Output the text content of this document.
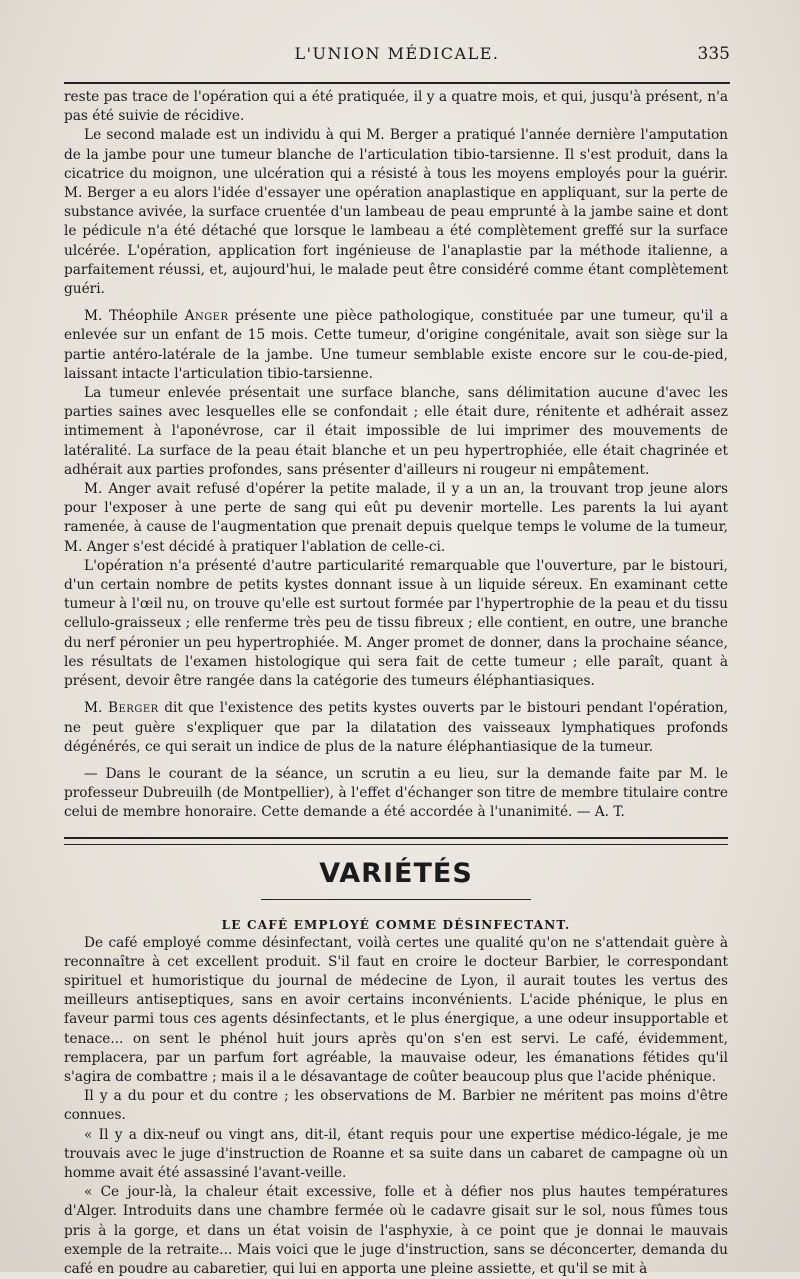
L'UNION MÉDICALE.	335

reste pas trace de l'opération qui a été pratiquée, il y a quatre mois, et qui, jusqu'à présent, n'a pas été suivie de récidive.

Le second malade est un individu à qui M. Berger a pratiqué l'année dernière l'amputation de la jambe pour une tumeur blanche de l'articulation tibio-tarsienne. Il s'est produit, dans la cicatrice du moignon, une ulcération qui a résisté à tous les moyens employés pour la guérir. M. Berger a eu alors l'idée d'essayer une opération anaplastique en appliquant, sur la perte de substance avivée, la surface cruentée d'un lambeau de peau emprunté à la jambe saine et dont le pédicule n'a été détaché que lorsque le lambeau a été complètement greffé sur la surface ulcérée. L'opération, application fort ingénieuse de l'anaplastie par la méthode italienne, a parfaitement réussi, et, aujourd'hui, le malade peut être considéré comme étant complètement guéri.

M. Théophile Anger présente une pièce pathologique, constituée par une tumeur, qu'il a enlevée sur un enfant de 15 mois. Cette tumeur, d'origine congénitale, avait son siège sur la partie antéro-latérale de la jambe. Une tumeur semblable existe encore sur le cou-de-pied, laissant intacte l'articulation tibio-tarsienne.

La tumeur enlevée présentait une surface blanche, sans délimitation aucune d'avec les parties saines avec lesquelles elle se confondait ; elle était dure, rénitente et adhérait assez intimement à l'aponévrose, car il était impossible de lui imprimer des mouvements de latéralité. La surface de la peau était blanche et un peu hypertrophiée, elle était chagrinée et adhérait aux parties profondes, sans présenter d'ailleurs ni rougeur ni empâtement.

M. Anger avait refusé d'opérer la petite malade, il y a un an, la trouvant trop jeune alors pour l'exposer à une perte de sang qui eût pu devenir mortelle. Les parents la lui ayant ramenée, à cause de l'augmentation que prenait depuis quelque temps le volume de la tumeur, M. Anger s'est décidé à pratiquer l'ablation de celle-ci.

L'opération n'a présenté d'autre particularité remarquable que l'ouverture, par le bistouri, d'un certain nombre de petits kystes donnant issue à un liquide séreux. En examinant cette tumeur à l'œil nu, on trouve qu'elle est surtout formée par l'hypertrophie de la peau et du tissu cellulo-graisseux ; elle renferme très peu de tissu fibreux ; elle contient, en outre, une branche du nerf péronier un peu hypertrophiée. M. Anger promet de donner, dans la prochaine séance, les résultats de l'examen histologique qui sera fait de cette tumeur ; elle paraît, quant à présent, devoir être rangée dans la catégorie des tumeurs éléphantiasiques.

M. Berger dit que l'existence des petits kystes ouverts par le bistouri pendant l'opération, ne peut guère s'expliquer que par la dilatation des vaisseaux lymphatiques profonds dégénérés, ce qui serait un indice de plus de la nature éléphantiasique de la tumeur.

— Dans le courant de la séance, un scrutin a eu lieu, sur la demande faite par M. le professeur Dubreuilh (de Montpellier), à l'effet d'échanger son titre de membre titulaire contre celui de membre honoraire. Cette demande a été accordée à l'unanimité. — A. T.

VARIÉTÉS
LE CAFÉ EMPLOYÉ COMME DÉSINFECTANT.

De café employé comme désinfectant, voilà certes une qualité qu'on ne s'attendait guère à reconnaître à cet excellent produit. S'il faut en croire le docteur Barbier, le correspondant spirituel et humoristique du journal de médecine de Lyon, il aurait toutes les vertus des meilleurs antiseptiques, sans en avoir certains inconvénients. L'acide phénique, le plus en faveur parmi tous ces agents désinfectants, et le plus énergique, a une odeur insupportable et tenace... on sent le phénol huit jours après qu'on s'en est servi. Le café, évidemment, remplacera, par un parfum fort agréable, la mauvaise odeur, les émanations fétides qu'il s'agira de combattre ; mais il a le désavantage de coûter beaucoup plus que l'acide phénique.

Il y a du pour et du contre ; les observations de M. Barbier ne méritent pas moins d'être connues.

« Il y a dix-neuf ou vingt ans, dit-il, étant requis pour une expertise médico-légale, je me trouvais avec le juge d'instruction de Roanne et sa suite dans un cabaret de campagne où un homme avait été assassiné l'avant-veille.

« Ce jour-là, la chaleur était excessive, folle et à défier nos plus hautes températures d'Alger. Introduits dans une chambre fermée où le cadavre gisait sur le sol, nous fûmes tous pris à la gorge, et dans un état voisin de l'asphyxie, à ce point que je donnai le mauvais exemple de la retraite... Mais voici que le juge d'instruction, sans se déconcerter, demanda du café en poudre au cabaretier, qui lui en apporta une pleine assiette, et qu'il se mit à
